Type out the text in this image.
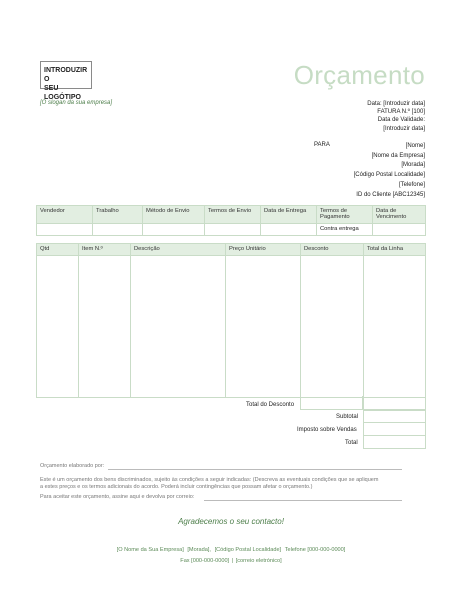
INTRODUZIR O
SEU LOGÓTIPO
Orçamento
[O slogan da sua empresa]	Data: [Introduzir data]
FATURA N.º [100]
Data de Validade:
[Introduzir data]
PARA	[Nome]
[Nome da Empresa]
[Morada]
[Código Postal Localidade]
[Telefone]
ID do Cliente [ABC12345]
Vendedor	Trabalho	Método de Envio	Termos de Envio	Data de Entrega	Termos de Pagamento	Data de Vencimento
					Contra entrega	
Qtd	Item N.º	Descrição	Preço Unitário	Desconto	Total da Linha

Total do Desconto
Subtotal
Imposto sobre Vendas
Total
Orçamento elaborado por:
Este é um orçamento dos bens discriminados, sujeito às condições a seguir indicadas: (Descreva as eventuais condições que se apliquem
a estes preços e os termos adicionais do acordo. Poderá incluir contingências que possam afetar o orçamento.)
Para aceitar este orçamento, assine aqui e devolva por correio:
Agradecemos o seu contacto!
[O Nome da Sua Empresa] [Morada], [Código Postal Localidade] Telefone [000-000-0000]
Fax [000-000-0000] | [correio eletrónico]
